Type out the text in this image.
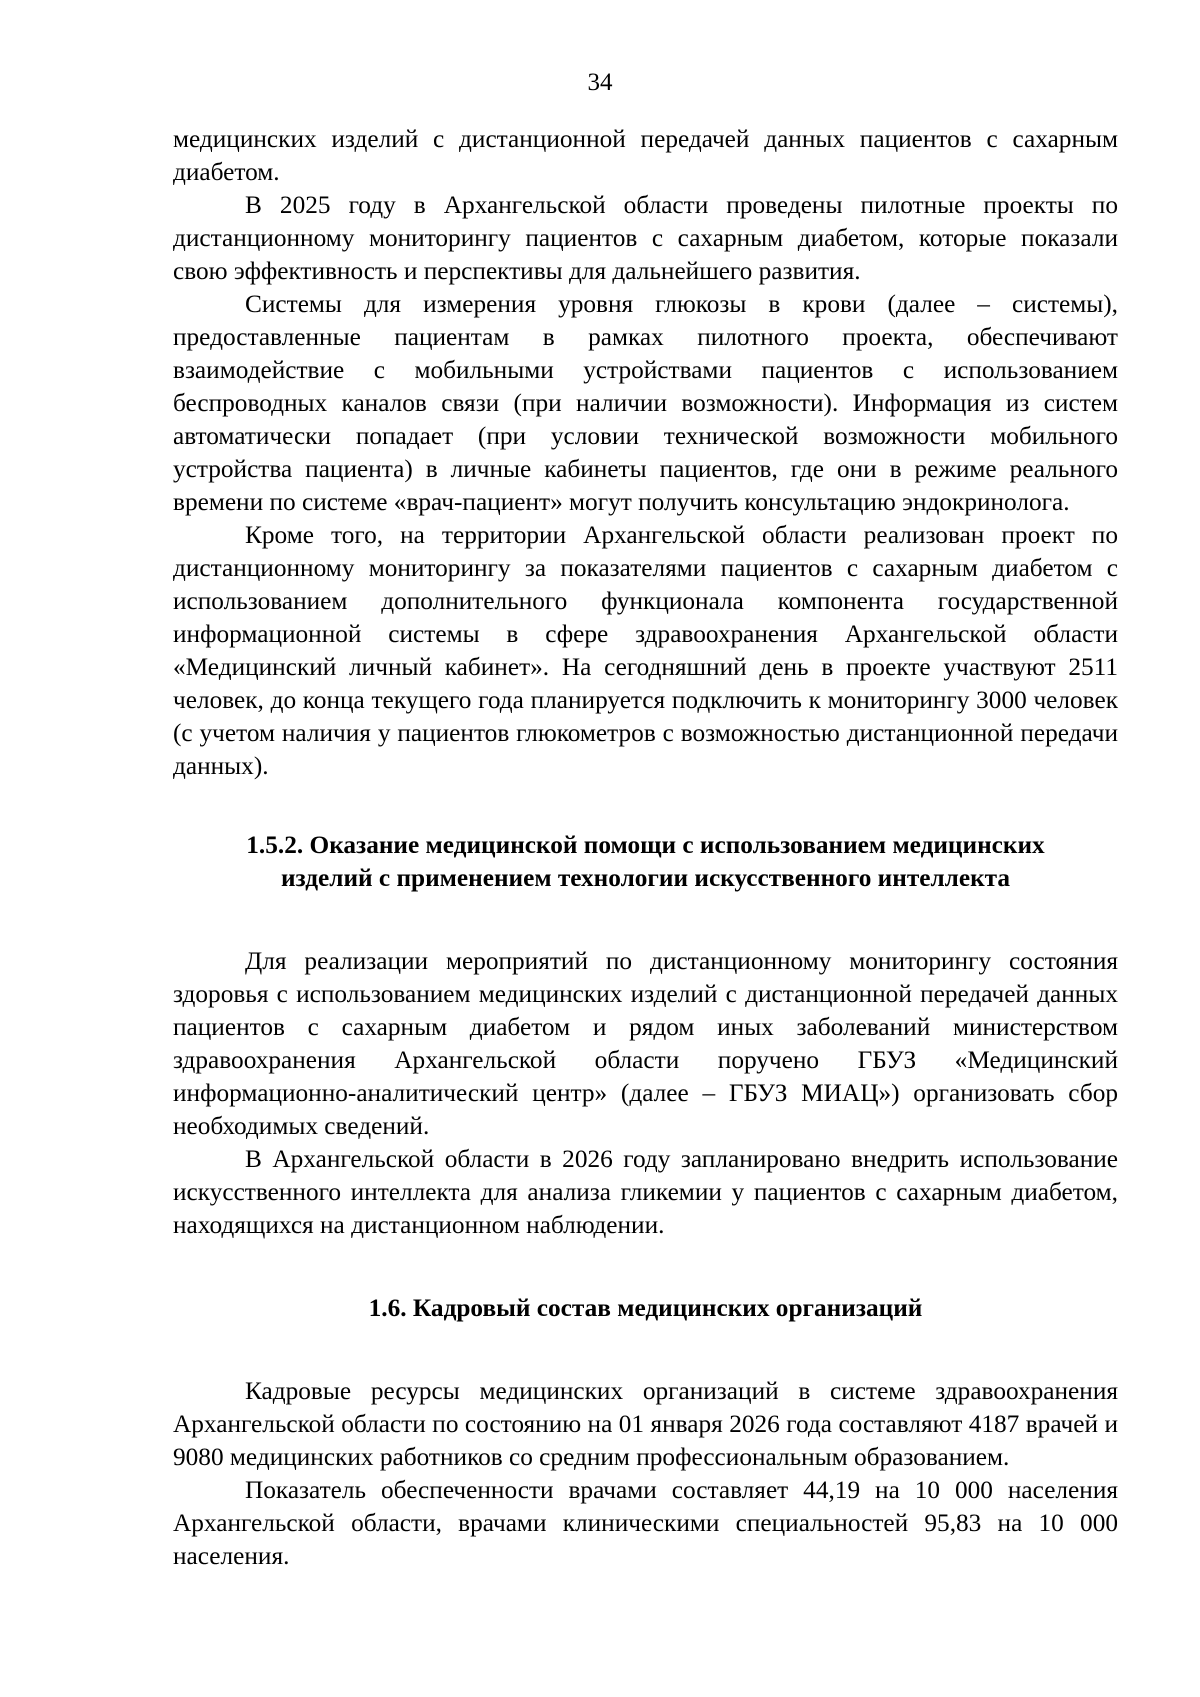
34

медицинских изделий с дистанционной передачей данных пациентов с сахарным диабетом.

В 2025 году в Архангельской области проведены пилотные проекты по дистанционному мониторингу пациентов с сахарным диабетом, которые показали свою эффективность и перспективы для дальнейшего развития.

Системы для измерения уровня глюкозы в крови (далее – системы), предоставленные пациентам в рамках пилотного проекта, обеспечивают взаимодействие с мобильными устройствами пациентов с использованием беспроводных каналов связи (при наличии возможности). Информация из систем автоматически попадает (при условии технической возможности мобильного устройства пациента) в личные кабинеты пациентов, где они в режиме реального времени по системе «врач-пациент» могут получить консультацию эндокринолога.

Кроме того, на территории Архангельской области реализован проект по дистанционному мониторингу за показателями пациентов с сахарным диабетом с использованием дополнительного функционала компонента государственной информационной системы в сфере здравоохранения Архангельской области «Медицинский личный кабинет». На сегодняшний день в проекте участвуют 2511 человек, до конца текущего года планируется подключить к мониторингу 3000 человек (с учетом наличия у пациентов глюкометров с возможностью дистанционной передачи данных).

1.5.2. Оказание медицинской помощи с использованием медицинских
изделий с применением технологии искусственного интеллекта

Для реализации мероприятий по дистанционному мониторингу состояния здоровья с использованием медицинских изделий с дистанционной передачей данных пациентов с сахарным диабетом и рядом иных заболеваний министерством здравоохранения Архангельской области поручено ГБУЗ «Медицинский информационно-аналитический центр» (далее – ГБУЗ МИАЦ») организовать сбор необходимых сведений.

В Архангельской области в 2026 году запланировано внедрить использование искусственного интеллекта для анализа гликемии у пациентов с сахарным диабетом, находящихся на дистанционном наблюдении.

1.6. Кадровый состав медицинских организаций

Кадровые ресурсы медицинских организаций в системе здравоохранения Архангельской области по состоянию на 01 января 2026 года составляют 4187 врачей и 9080 медицинских работников со средним профессиональным образованием.

Показатель обеспеченности врачами составляет 44,19 на 10 000 населения Архангельской области, врачами клиническими специальностей 95,83 на 10 000 населения.
